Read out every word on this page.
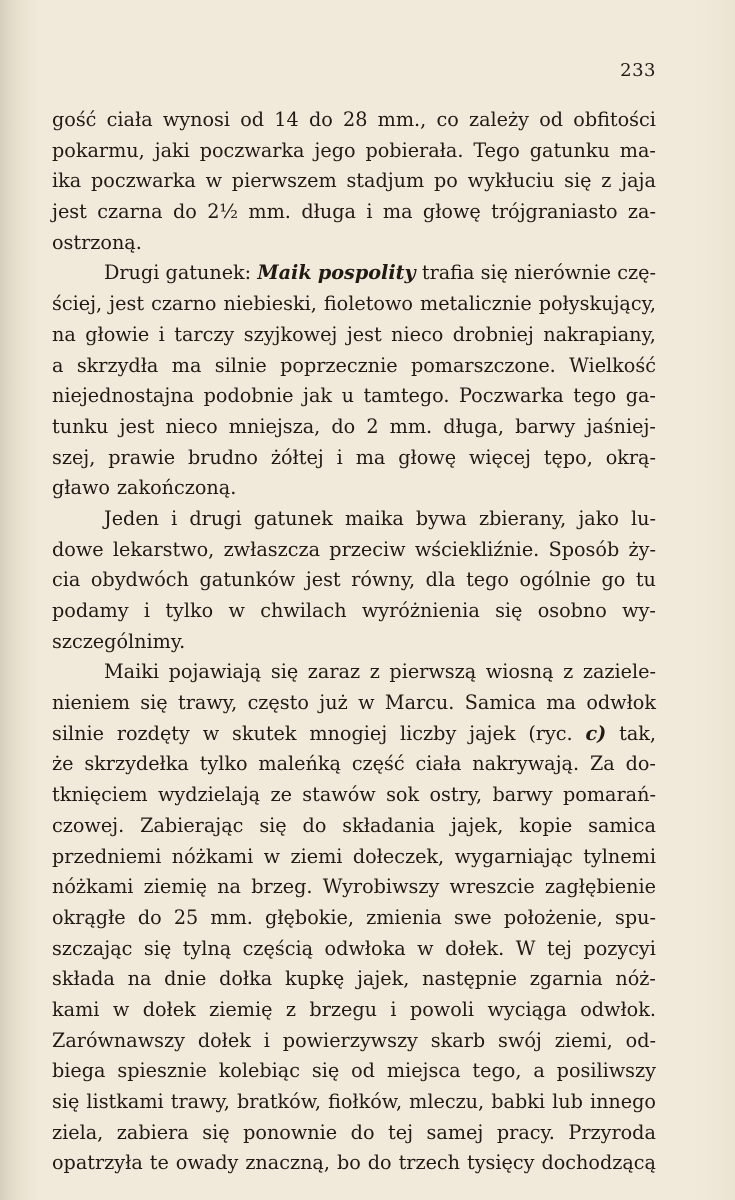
233
gość ciała wynosi od 14 do 28 mm., co zależy od obfitości
pokarmu, jaki poczwarka jego pobierała. Tego gatunku ma-
ika poczwarka w pierwszem stadjum po wykłuciu się z jaja
jest czarna do 2½ mm. długa i ma głowę trójgraniasto za-
ostrzoną.
Drugi gatunek: Maik pospolity trafia się nierównie czę-
ściej, jest czarno niebieski, fioletowo metalicznie połyskujący,
na głowie i tarczy szyjkowej jest nieco drobniej nakrapiany,
a skrzydła ma silnie poprzecznie pomarszczone. Wielkość
niejednostajna podobnie jak u tamtego. Poczwarka tego ga-
tunku jest nieco mniejsza, do 2 mm. długa, barwy jaśniej-
szej, prawie brudno żółtej i ma głowę więcej tępo, okrą-
gławo zakończoną.
Jeden i drugi gatunek maika bywa zbierany, jako lu-
dowe lekarstwo, zwłaszcza przeciw wściekliźnie. Sposób ży-
cia obydwóch gatunków jest równy, dla tego ogólnie go tu
podamy i tylko w chwilach wyróżnienia się osobno wy-
szczególnimy.
Maiki pojawiają się zaraz z pierwszą wiosną z zaziele-
nieniem się trawy, często już w Marcu. Samica ma odwłok
silnie rozdęty w skutek mnogiej liczby jajek (ryc. c) tak,
że skrzydełka tylko maleńką część ciała nakrywają. Za do-
tknięciem wydzielają ze stawów sok ostry, barwy pomarań-
czowej. Zabierając się do składania jajek, kopie samica
przedniemi nóżkami w ziemi dołeczek, wygarniając tylnemi
nóżkami ziemię na brzeg. Wyrobiwszy wreszcie zagłębienie
okrągłe do 25 mm. głębokie, zmienia swe położenie, spu-
szczając się tylną częścią odwłoka w dołek. W tej pozycyi
składa na dnie dołka kupkę jajek, następnie zgarnia nóż-
kami w dołek ziemię z brzegu i powoli wyciąga odwłok.
Zarównawszy dołek i powierzywszy skarb swój ziemi, od-
biega spiesznie kolebiąc się od miejsca tego, a posiliwszy
się listkami trawy, bratków, fiołków, mleczu, babki lub innego
ziela, zabiera się ponownie do tej samej pracy. Przyroda
opatrzyła te owady znaczną, bo do trzech tysięcy dochodzącą
